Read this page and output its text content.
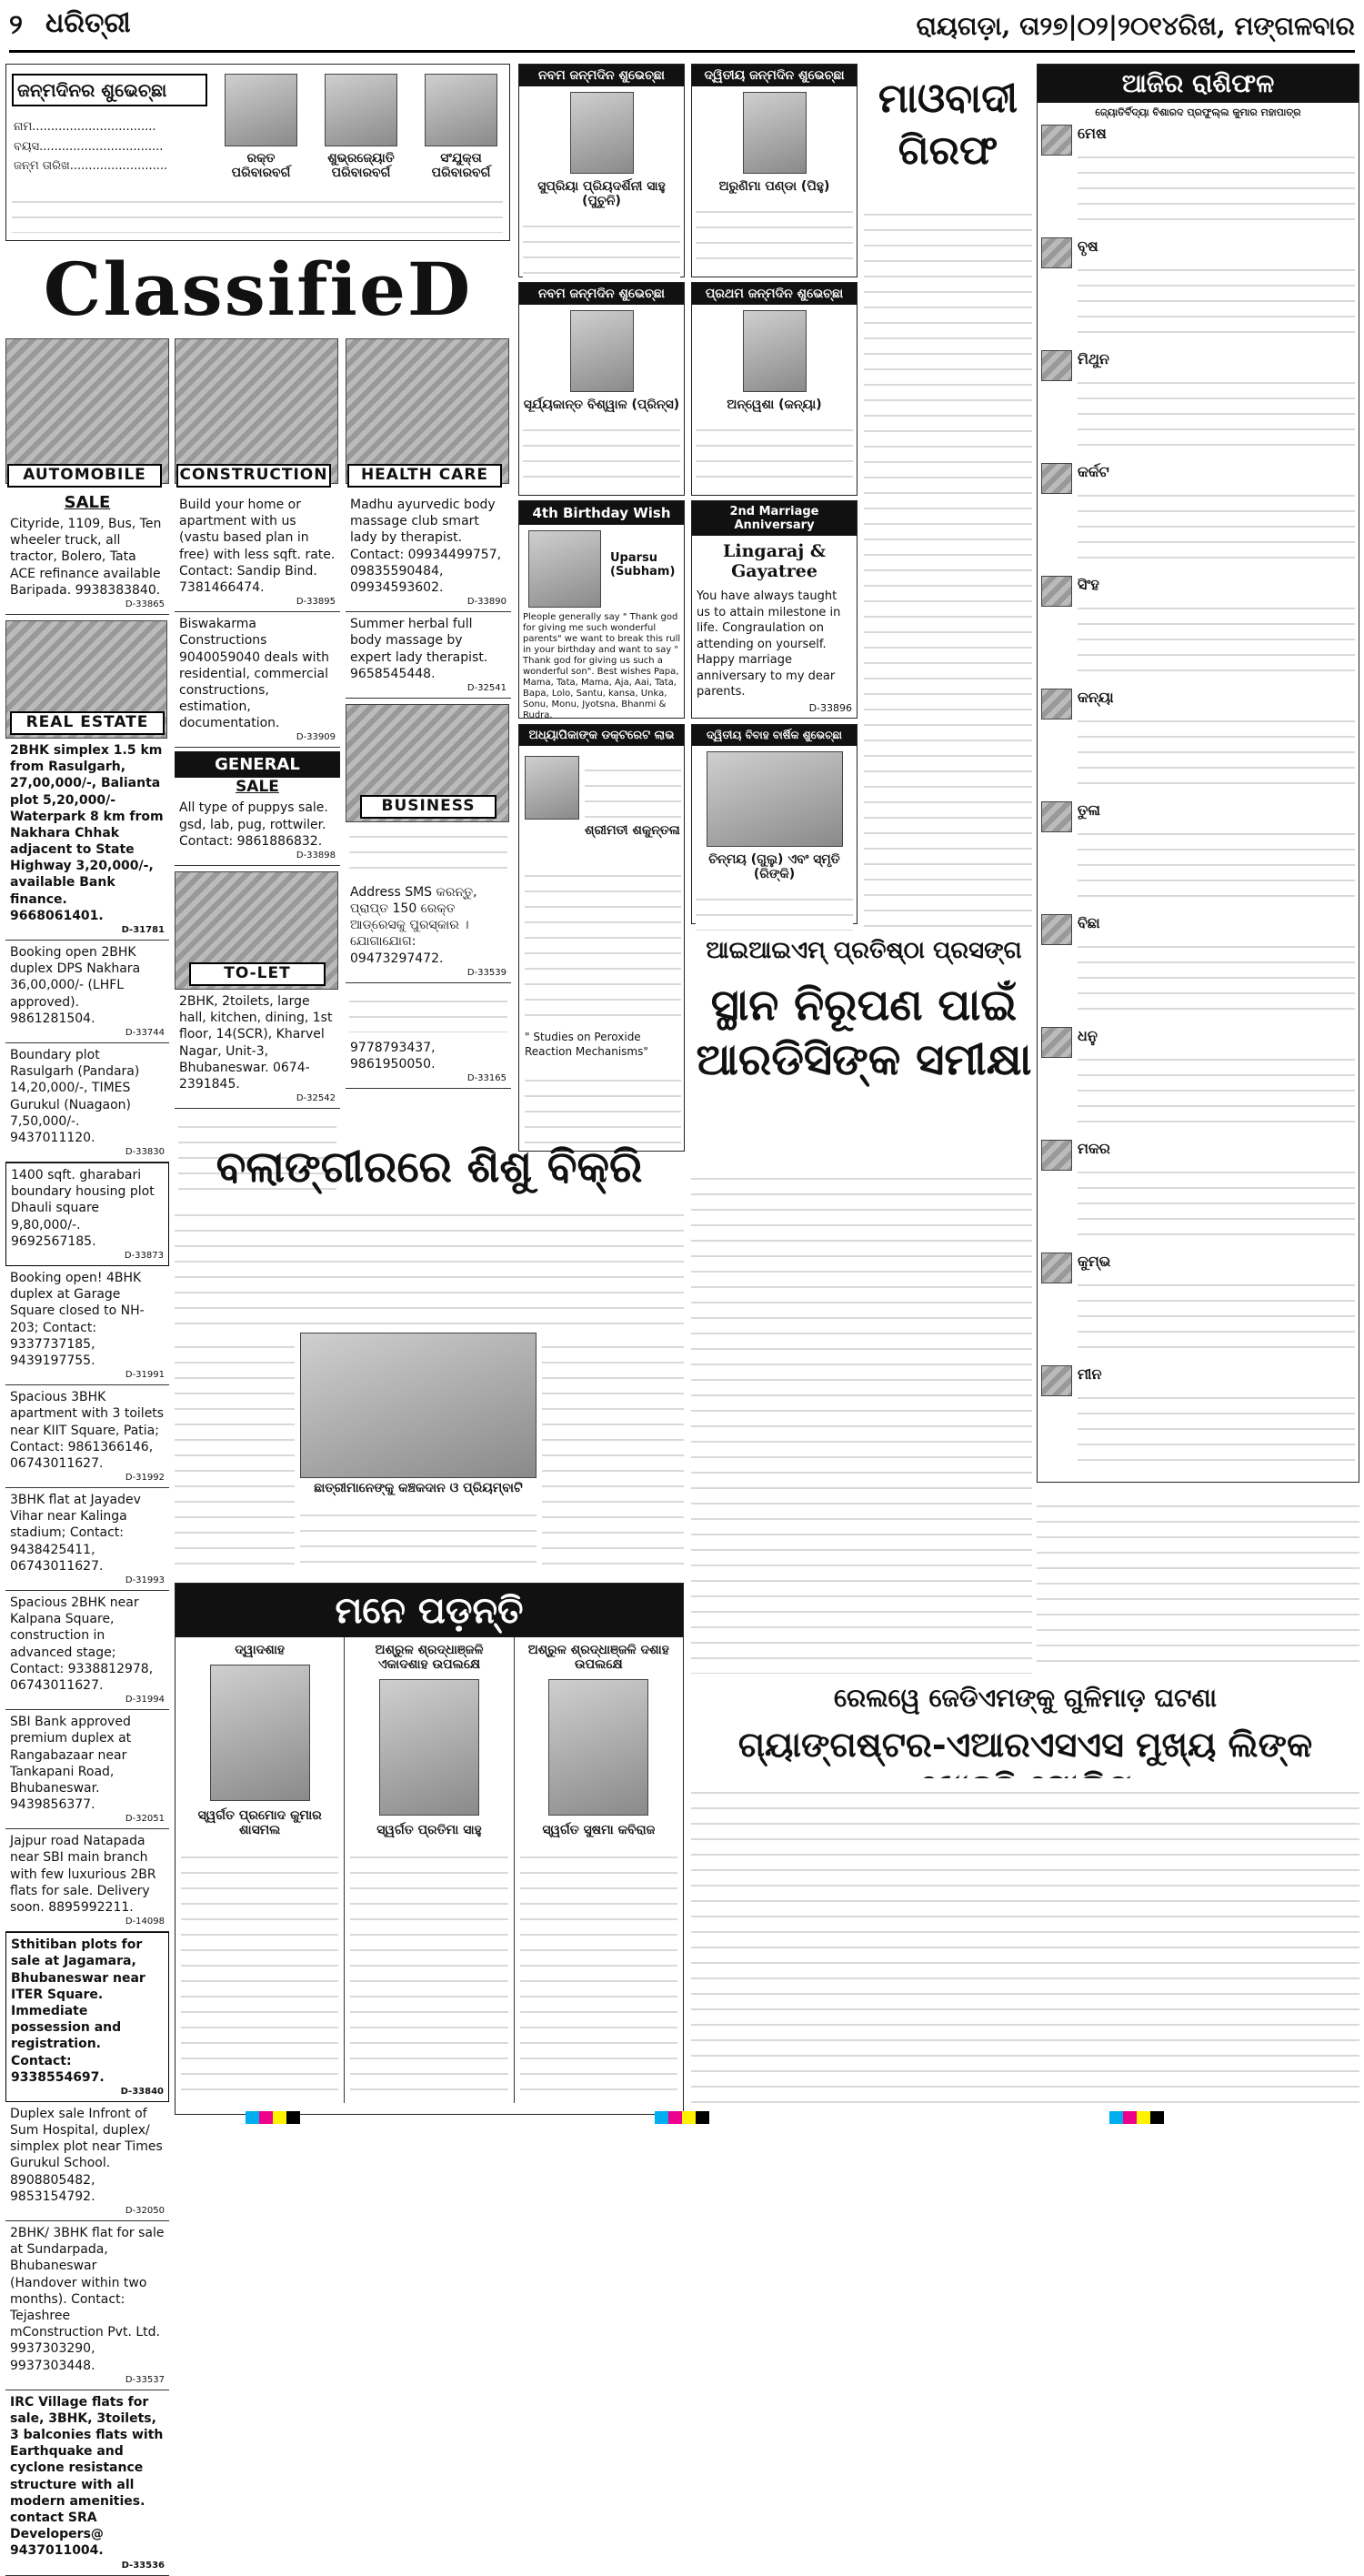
୨ ଧରିତ୍ରୀ	ରାୟଗଡ଼ା, ତା୨୭|୦୨|୨୦୧୪ରିଖ, ମଙ୍ଗଳବାର
ଜନ୍ମଦିନର ଶୁଭେଚ୍ଛା
ନାମ.................................
ବୟସ.................................
ଜନ୍ମ ତାରିଖ..........................
ରକ୍ତ ପରିବାରବର୍ଗ
ଶୁଭ୍ରଜ୍ୟୋତି ପରିବାରବର୍ଗ
ସଂଯୁକ୍ତା ପରିବାରବର୍ଗ
ClassifieD
AUTOMOBILE	CONSTRUCTION	HEALTH CARE
SALE
Cityride, 1109, Bus, Ten wheeler truck, all tractor, Bolero, Tata ACE refinance available Baripada. 9938383840.
D-33865
REAL ESTATE
2BHK simplex 1.5 km from Rasulgarh, 27,00,000/-, Balianta plot 5,20,000/- Waterpark 8 km from Nakhara Chhak adjacent to State Highway 3,20,000/-, available Bank finance. 9668061401.
D-31781
Booking open 2BHK duplex DPS Nakhara 36,00,000/- (LHFL approved). 9861281504.
D-33744
Boundary plot Rasulgarh (Pandara) 14,20,000/-, TIMES Gurukul (Nuagaon) 7,50,000/-. 9437011120.
D-33830
1400 sqft. gharabari boundary housing plot Dhauli square 9,80,000/-. 9692567185.
D-33873
Booking open! 4BHK duplex at Garage Square closed to NH-203; Contact: 9337737185, 9439197755.
D-31991
Spacious 3BHK apartment with 3 toilets near KIIT Square, Patia; Contact: 9861366146, 06743011627.
D-31992
3BHK flat at Jayadev Vihar near Kalinga stadium; Contact: 9438425411, 06743011627.
D-31993
Spacious 2BHK near Kalpana Square, construction in advanced stage; Contact: 9338812978, 06743011627.
D-31994
SBI Bank approved premium duplex at Rangabazaar near Tankapani Road, Bhubaneswar. 9439856377.
D-32051
Jajpur road Natapada near SBI main branch with few luxurious 2BR flats for sale. Delivery soon. 8895992211.
D-14098
Sthitiban plots for sale at Jagamara, Bhubaneswar near ITER Square. Immediate possession and registration. Contact: 9338554697.
D-33840
Duplex sale Infront of Sum Hospital, duplex/ simplex plot near Times Gurukul School. 8908805482, 9853154792.
D-32050
2BHK/ 3BHK flat for sale at Sundarpada, Bhubaneswar (Handover within two months). Contact: Tejashree mConstruction Pvt. Ltd. 9937303290, 9937303448.
D-33537
IRC Village flats for sale, 3BHK, 3toilets, 3 balconies flats with Earthquake and cyclone resistance structure with all modern amenities. contact SRA Developers@ 9437011004.
D-33536
Build your home or apartment with us (vastu based plan in free) with less sqft. rate. Contact: Sandip Bind. 7381466474.
D-33895
Biswakarma Constructions 9040059040 deals with residential, commercial constructions, estimation, documentation.
D-33909
GENERAL
SALE
All type of puppys sale. gsd, lab, pug, rottwiler. Contact: 9861886832.
D-33898
TO-LET
2BHK, 2toilets, large hall, kitchen, dining, 1st floor, 14(SCR), Kharvel Nagar, Unit-3, Bhubaneswar. 0674-2391845.
D-32542
Madhu ayurvedic body massage club smart lady by therapist. Contact: 09934499757, 09835590484, 09934593602.
D-33890
Summer herbal full body massage by expert lady therapist. 9658545448.
D-32541
BUSINESS
Address SMS କରନ୍ତୁ, ପ୍ରାପ୍ତ 150 ରେକ୍ତ ଆଡ୍ରେସକୁ ପୁରସ୍କାର । ଯୋଗାଯୋଗ: 09473297472.
D-33539
9778793437, 9861950050.
D-33165
ନବମ ଜନ୍ମଦିନ ଶୁଭେଚ୍ଛା
ସୁପ୍ରିୟା ପ୍ରିୟଦର୍ଶିନୀ ସାହୁ (ପୁଚୁନି)
ଦ୍ୱିତୀୟ ଜନ୍ମଦିନ ଶୁଭେଚ୍ଛା
ଅରୁଣିମା ପଣ୍ଡା (ପିହୁ)
ନବମ ଜନ୍ମଦିନ ଶୁଭେଚ୍ଛା
ସୂର୍ଯ୍ୟକାନ୍ତ ବିଶ୍ୱାଳ (ପ୍ରିନ୍ସ)
ପ୍ରଥମ ଜନ୍ମଦିନ ଶୁଭେଚ୍ଛା
ଅନ୍ୱେଶା (କନ୍ୟା)
4th Birthday Wish
Uparsu (Subham)
Pleople generally say " Thank god for giving me such wonderful parents" we want to break this rull in your birthday and want to say " Thank god for giving us such a wonderful son". Best wishes Papa, Mama, Tata, Mama, Aja, Aai, Tata, Bapa, Lolo, Santu, kansa, Unka, Sonu, Monu, Jyotsna, Bhanmi & Rudra.
2nd Marriage Anniversary
Lingaraj & Gayatree
You have always taught us to attain milestone in life. Congraulation on attending on yourself. Happy marriage anniversary to my dear parents.
D-33896
ଅଧ୍ୟାପିକାଙ୍କ ଡକ୍ଟରେଟ ଲାଭ
ଶ୍ରୀମତୀ ଶକୁନ୍ତଳା
" Studies on Peroxide Reaction Mechanisms"
ଦ୍ୱିତୀୟ ବିବାହ ବାର୍ଷିକ ଶୁଭେଚ୍ଛା
ଚିନ୍ମୟ (ଗୁଲୁ) ଏବଂ ସ୍ମୃତି (ରିଙ୍କି)
ମାଓବାଦୀ ଗିରଫ
ଆଜିର ରାଶିଫଳ
ଜ୍ୟୋତିର୍ବିଦ୍ୟା ବିଶାରଦ ପ୍ରଫୁଲ୍ଲ କୁମାର ମହାପାତ୍ର
ମେଷ
ବୃଷ
ମିଥୁନ
କର୍କଟ
ସିଂହ
କନ୍ୟା
ତୁଳା
ବିଛା
ଧନୁ
ମକର
କୁମ୍ଭ
ମୀନ
ଆଇଆଇଏମ୍ ପ୍ରତିଷ୍ଠା ପ୍ରସଙ୍ଗ
ସ୍ଥାନ ନିରୂପଣ ପାଇଁ ଆରଡିସିଙ୍କ ସମୀକ୍ଷା
ବଲାଙ୍ଗୀରରେ ଶିଶୁ ବିକ୍ରି
ଛାତ୍ରୀମାନେଙ୍କୁ କଞ୍ଚକଦାନ ଓ ପ୍ରିୟମ୍ବାଟି
ମନେ ପଡ଼ନ୍ତି
ଦ୍ୱାଦଶାହ
ସ୍ୱର୍ଗତ ପ୍ରମୋଦ କୁମାର ଶାସମଲ
ଅଶ୍ରୁଳ ଶ୍ରଦ୍ଧାଞ୍ଜଳି ଏକାଦଶାହ ଉପଲକ୍ଷେ
ସ୍ୱର୍ଗତ ପ୍ରତିମା ସାହୁ
ଅଶ୍ରୁଳ ଶ୍ରଦ୍ଧାଞ୍ଜଳି ଦଶାହ ଉପଲକ୍ଷେ
ସ୍ୱର୍ଗତ ସୁଷମା କବିରାଜ
ରେଲୱେ ଜେଡିଏମଙ୍କୁ ଗୁଳିମାଡ଼ ଘଟଣା
ଗ୍ୟାଙ୍ଗଷ୍ଟର-ଏଆରଏସଏସ ମୁଖ୍ୟ ଲିଙ୍କ
